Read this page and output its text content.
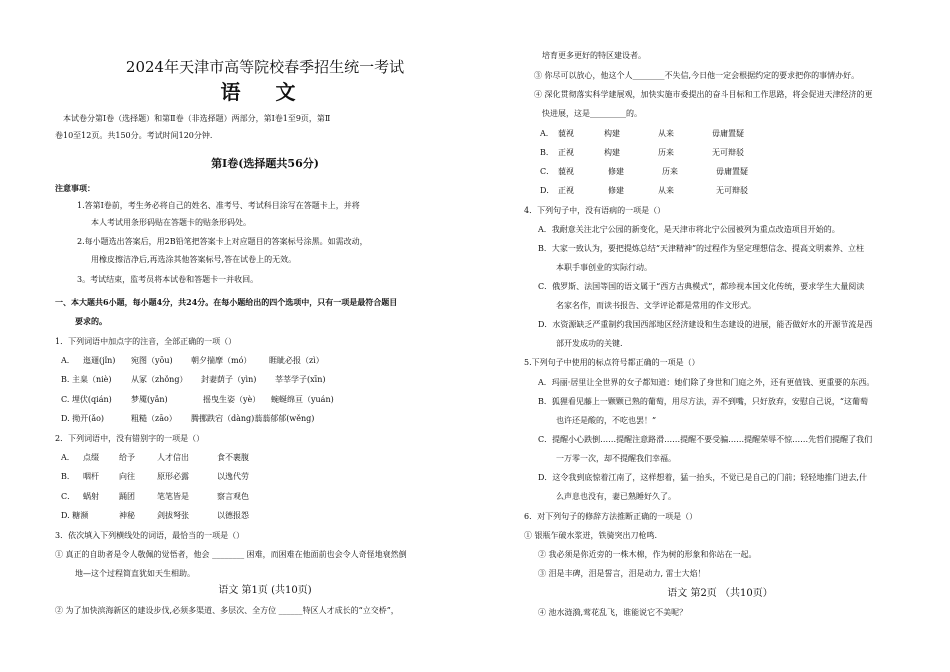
2024年天津市高等院校春季招生统一考试
语 文
本试卷分第Ⅰ卷（选择题）和第Ⅱ卷（非选择题）两部分，第Ⅰ卷1至9页，第Ⅱ
卷10至12页。共150分。考试时间120分钟.
第Ⅰ卷(选择题共56分)
注意事项：
1.答第Ⅰ卷前，考生务必将自己的姓名、准考号、考试科目涂写在答题卡上，并将
本人考试用条形码贴在答题卡的贴条形码处。
2.每小题选出答案后，用2B铅笔把答案卡上对应题目的答案标号涂黑。如需改动，
用橡皮擦洁净后,再选涂其他答案标号,答在试卷上的无效。
3。考试结束，监考员将本试卷和答题卡一并收回。
一、本大题共6小题，每小题4分，共24分。在每小题给出的四个选项中，只有一项是最符合题目
要求的。
1．下列词语中加点字的注音，全部正确的一项（）
A． 迤逦(jǐn) 宛图（yōu) 朝夕揣摩（mó） 睚眦必报（zì）
B. 主臬（niè) 从冢（zhǒng） 封妻荫子（yìn) 莘莘学子(xīn)
C. 埋伏(qián) 梦魇(yǎn)	摇曳生姿（yè） 蜿蜒绵亘（yuán)
D. 拗开(ǎo)	粗糙（zāo） 腾挪跌宕（dàng)蓊蓊郁郁(wěng)
2．下列词语中，没有错别字的一项是（）
A． 点缀	给予	人才信出	食不裹腹
B． 咽杆	向往	原形必露	以逸代劳
C． 蜗射	踊团	笔笔皆是	察言观色
D. 糖濒	神秘	剑拔弩张	以德报怨
3．依次填入下列横线处的词语，最恰当的一项是（）
① 真正的自助者是令人敬佩的觉悟者，他会 ________ 困难，而困难在他面前也会令人奇怪地衰然倒
地—这个过程简直犹如天生相助。
语文 第1页 (共10页)
② 为了加快滨海新区的建设步伐,必须多渠道、多层次、全方位 ______特区人才成长的“立交桥”，
培育更多更好的特区建设者。
③ 你尽可以放心，他这个人________不失信,今日他一定会根据约定的要求把你的事情办好。
④ 深化贯彻落实科学建展观，加快实施市委提出的奋斗目标和工作思路，将会促进天津经济的更
快进展，这是_________的。
A． 藐视	构建	从来	毋庸置疑
B． 正视	构建	历来	无可辩驳
C． 藐视	修建	历来	毋庸置疑
D． 正视	修建	从来	无可辩驳
4．下列句子中，没有语病的一项是（）
A．我耐意关注北宁公园的新变化，是天津市将北宁公园被列为重点改造项目开始的。
B．大家一致认为，要把提炼总结“天津精神”的过程作为坚定理想信念、提高文明素养、立柱
本职手事创业的实际行动。
C．俄罗斯、法国等国的语文属于“西方古典模式”，都珍视本国文化传统，要求学生大量阅读
名家名作，而读书报告、文学评论都是常用的作文形式。
D．水资源缺乏严重制约我国西部地区经济建设和生态建设的进展，能否做好水的开源节流是西
部开发成功的关键.
5.下列句子中使用的标点符号都正确的一项是（）
A．玛丽·居里让全世界的女子都知道：她们除了身世和门庭之外，还有更值钱、更重要的东西。
B．狐狸看见藤上一颗颗已熟的葡萄，用尽方法，弄不到嘴，只好放弃，安慰自己说，“这葡萄
也许还是酸的，不吃也罢！”
C．提醒小心跌倒……提醒注意路滑……提醒不要受骗……提醒荣辱不惊……先哲们提醒了我们
一万零一次，却不提醒我们幸福。
D．这令我到底惊着江南了，这样想着，猛一抬头，不觉已是自己的门前；轻轻地推门进去,什
么声息也没有，妻已熟睡好久了。
6．对下列句子的修辞方法推断正确的一项是（）
① 银瓶乍破水浆迸，铁骑突出刀枪鸣.
② 我必须是你近旁的一株木棉，作为树的形象和你站在一起。
③ 泪是丰碑，泪是誓言，泪是动力, 雷士大焰！
语文 第2页 （共10页）
④ 池水涟漪,莺花乱飞，谁能说它不美呢？
